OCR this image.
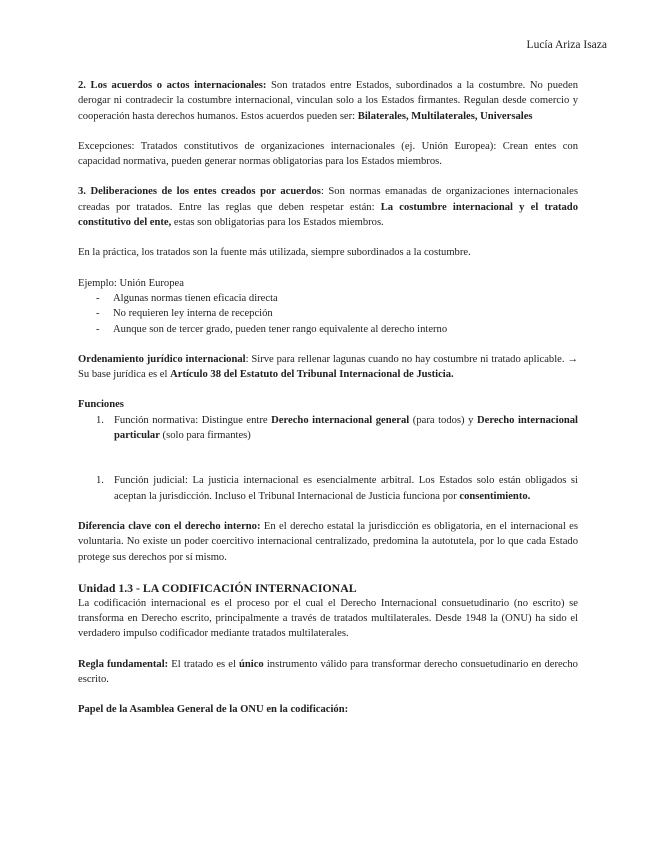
Lucía Ariza Isaza

2. Los acuerdos o actos internacionales: Son tratados entre Estados, subordinados a la costumbre. No pueden derogar ni contradecir la costumbre internacional, vinculan solo a los Estados firmantes. Regulan desde comercio y cooperación hasta derechos humanos. Estos acuerdos pueden ser: Bilaterales, Multilaterales, Universales

Excepciones: Tratados constitutivos de organizaciones internacionales (ej. Unión Europea): Crean entes con capacidad normativa, pueden generar normas obligatorias para los Estados miembros.

3. Deliberaciones de los entes creados por acuerdos: Son normas emanadas de organizaciones internacionales creadas por tratados. Entre las reglas que deben respetar están: La costumbre internacional y el tratado constitutivo del ente, estas son obligatorias para los Estados miembros.

En la práctica, los tratados son la fuente más utilizada, siempre subordinados a la costumbre.

Ejemplo: Unión Europea

- Algunas normas tienen eficacia directa
- No requieren ley interna de recepción
- Aunque son de tercer grado, pueden tener rango equivalente al derecho interno

Ordenamiento jurídico internacional: Sirve para rellenar lagunas cuando no hay costumbre ni tratado aplicable. → Su base jurídica es el Artículo 38 del Estatuto del Tribunal Internacional de Justicia.

Funciones

1. Función normativa: Distingue entre Derecho internacional general (para todos) y Derecho internacional particular (solo para firmantes)
1. Función judicial: La justicia internacional es esencialmente arbitral. Los Estados solo están obligados si aceptan la jurisdicción. Incluso el Tribunal Internacional de Justicia funciona por consentimiento.

Diferencia clave con el derecho interno: En el derecho estatal la jurisdicción es obligatoria, en el internacional es voluntaria. No existe un poder coercitivo internacional centralizado, predomina la autotutela, por lo que cada Estado protege sus derechos por sí mismo.

Unidad 1.3 - LA CODIFICACIÓN INTERNACIONAL

La codificación internacional es el proceso por el cual el Derecho Internacional consuetudinario (no escrito) se transforma en Derecho escrito, principalmente a través de tratados multilaterales. Desde 1948 la (ONU) ha sido el verdadero impulso codificador mediante tratados multilaterales.

Regla fundamental: El tratado es el único instrumento válido para transformar derecho consuetudinario en derecho escrito.

Papel de la Asamblea General de la ONU en la codificación:
